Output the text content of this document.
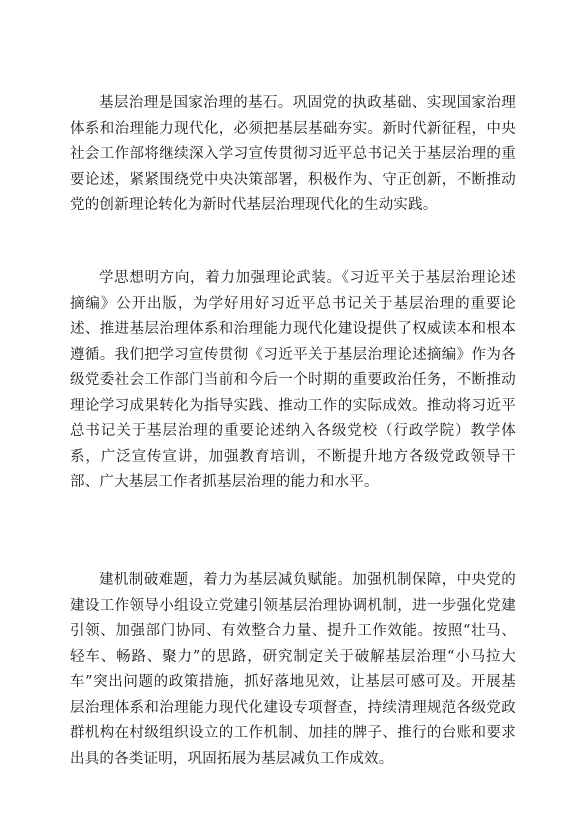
基层治理是国家治理的基石。巩固党的执政基础、实现国家治理体系和治理能力现代化，必须把基层基础夯实。新时代新征程，中央社会工作部将继续深入学习宣传贯彻习近平总书记关于基层治理的重要论述，紧紧围绕党中央决策部署，积极作为、守正创新，不断推动党的创新理论转化为新时代基层治理现代化的生动实践。

学思想明方向，着力加强理论武装。《习近平关于基层治理论述摘编》公开出版，为学好用好习近平总书记关于基层治理的重要论述、推进基层治理体系和治理能力现代化建设提供了权威读本和根本遵循。我们把学习宣传贯彻《习近平关于基层治理论述摘编》作为各级党委社会工作部门当前和今后一个时期的重要政治任务，不断推动理论学习成果转化为指导实践、推动工作的实际成效。推动将习近平总书记关于基层治理的重要论述纳入各级党校（行政学院）教学体系，广泛宣传宣讲，加强教育培训，不断提升地方各级党政领导干部、广大基层工作者抓基层治理的能力和水平。

建机制破难题，着力为基层减负赋能。加强机制保障，中央党的建设工作领导小组设立党建引领基层治理协调机制，进一步强化党建引领、加强部门协同、有效整合力量、提升工作效能。按照“壮马、轻车、畅路、聚力”的思路，研究制定关于破解基层治理“小马拉大车”突出问题的政策措施，抓好落地见效，让基层可感可及。开展基层治理体系和治理能力现代化建设专项督查，持续清理规范各级党政群机构在村级组织设立的工作机制、加挂的牌子、推行的台账和要求出具的各类证明，巩固拓展为基层减负工作成效。
